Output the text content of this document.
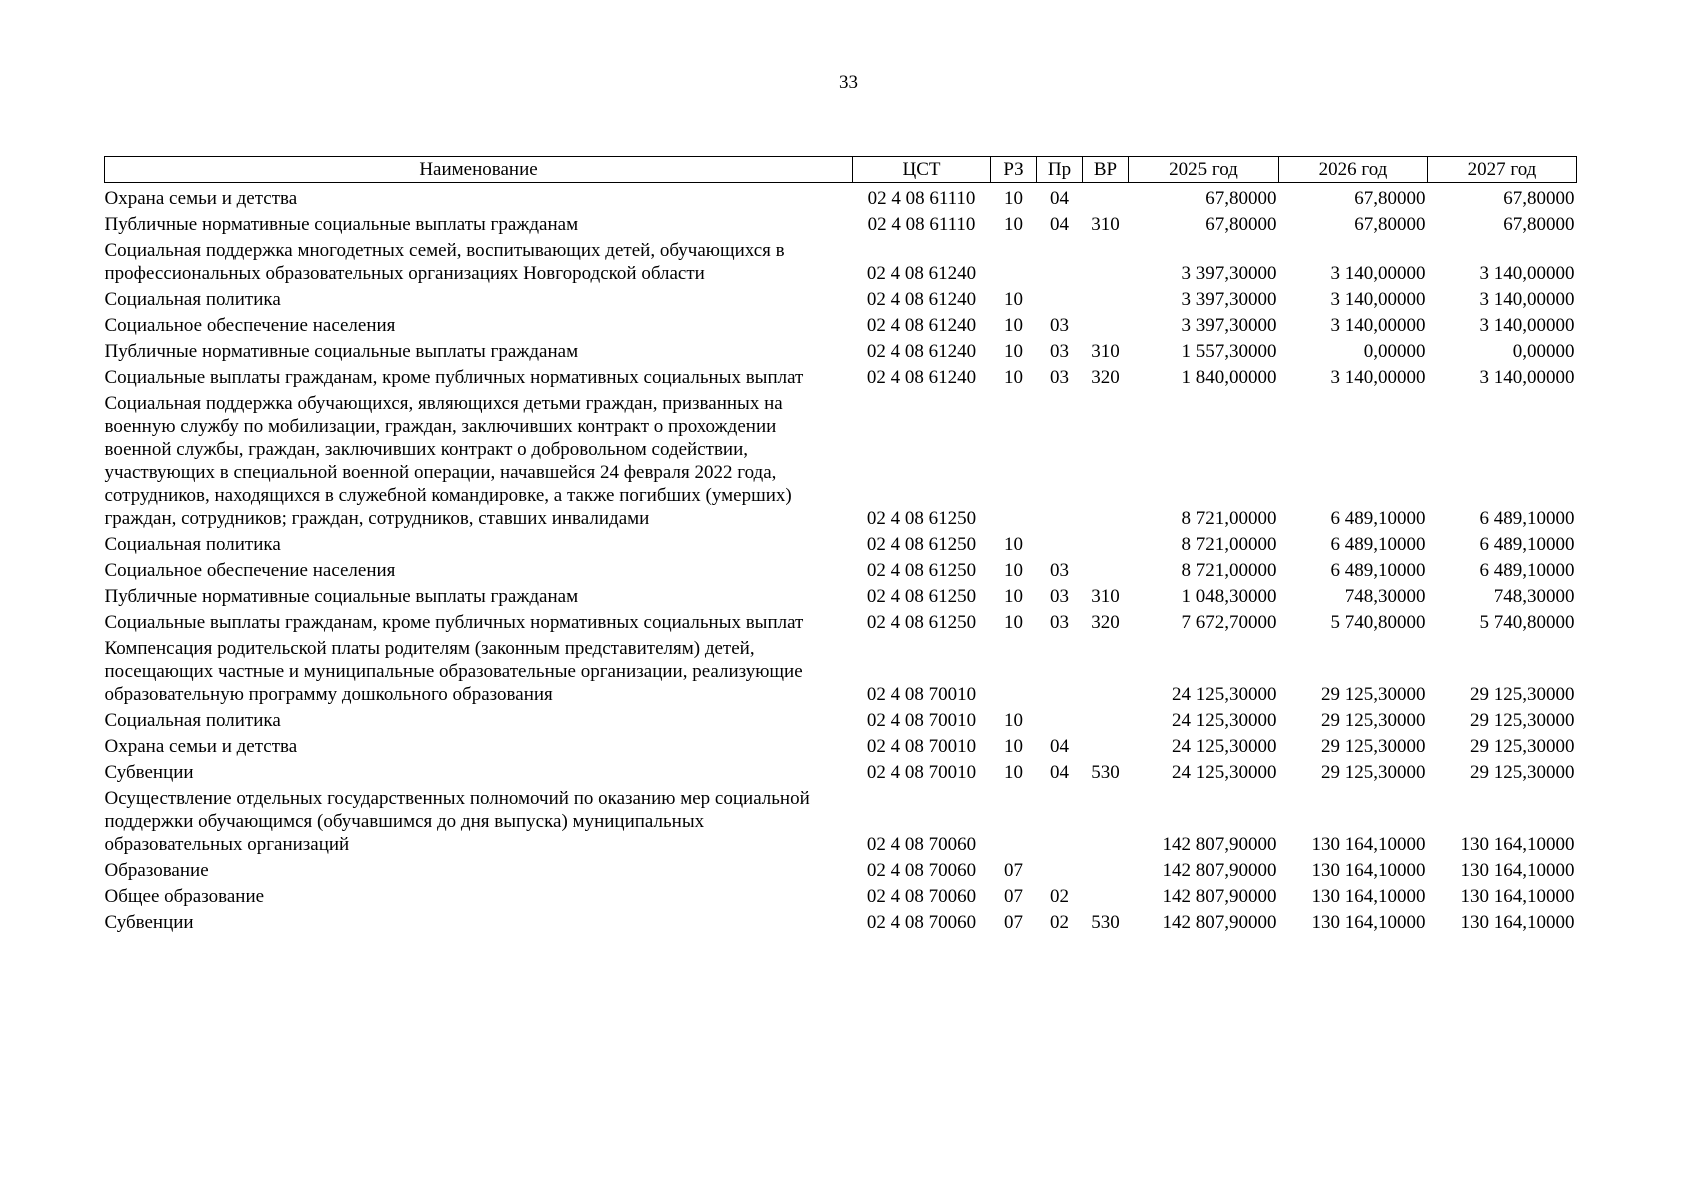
33
Наименование	ЦСТ	РЗ	Пр	ВР	2025 год	2026 год	2027 год
Охрана семьи и детства	02 4 08 61110	10	04		67,80000	67,80000	67,80000
Публичные нормативные социальные выплаты гражданам	02 4 08 61110	10	04	310	67,80000	67,80000	67,80000
Социальная поддержка многодетных семей, воспитывающих детей, обучающихся в профессиональных образовательных организациях Новгородской области	02 4 08 61240				3 397,30000	3 140,00000	3 140,00000
Социальная политика	02 4 08 61240	10			3 397,30000	3 140,00000	3 140,00000
Социальное обеспечение населения	02 4 08 61240	10	03		3 397,30000	3 140,00000	3 140,00000
Публичные нормативные социальные выплаты гражданам	02 4 08 61240	10	03	310	1 557,30000	0,00000	0,00000
Социальные выплаты гражданам, кроме публичных нормативных социальных выплат	02 4 08 61240	10	03	320	1 840,00000	3 140,00000	3 140,00000
Социальная поддержка обучающихся, являющихся детьми граждан, призванных на военную службу по мобилизации, граждан, заключивших контракт о прохождении военной службы, граждан, заключивших контракт о добровольном содействии, участвующих в специальной военной операции, начавшейся 24 февраля 2022 года, сотрудников, находящихся в служебной командировке, а также погибших (умерших) граждан, сотрудников; граждан, сотрудников, ставших инвалидами	02 4 08 61250				8 721,00000	6 489,10000	6 489,10000
Социальная политика	02 4 08 61250	10			8 721,00000	6 489,10000	6 489,10000
Социальное обеспечение населения	02 4 08 61250	10	03		8 721,00000	6 489,10000	6 489,10000
Публичные нормативные социальные выплаты гражданам	02 4 08 61250	10	03	310	1 048,30000	748,30000	748,30000
Социальные выплаты гражданам, кроме публичных нормативных социальных выплат	02 4 08 61250	10	03	320	7 672,70000	5 740,80000	5 740,80000
Компенсация родительской платы родителям (законным представителям) детей, посещающих частные и муниципальные образовательные организации, реализующие образовательную программу дошкольного образования	02 4 08 70010				24 125,30000	29 125,30000	29 125,30000
Социальная политика	02 4 08 70010	10			24 125,30000	29 125,30000	29 125,30000
Охрана семьи и детства	02 4 08 70010	10	04		24 125,30000	29 125,30000	29 125,30000
Субвенции	02 4 08 70010	10	04	530	24 125,30000	29 125,30000	29 125,30000
Осуществление отдельных государственных полномочий по оказанию мер социальной поддержки обучающимся (обучавшимся до дня выпуска) муниципальных образовательных организаций	02 4 08 70060				142 807,90000	130 164,10000	130 164,10000
Образование	02 4 08 70060	07			142 807,90000	130 164,10000	130 164,10000
Общее образование	02 4 08 70060	07	02		142 807,90000	130 164,10000	130 164,10000
Субвенции	02 4 08 70060	07	02	530	142 807,90000	130 164,10000	130 164,10000
